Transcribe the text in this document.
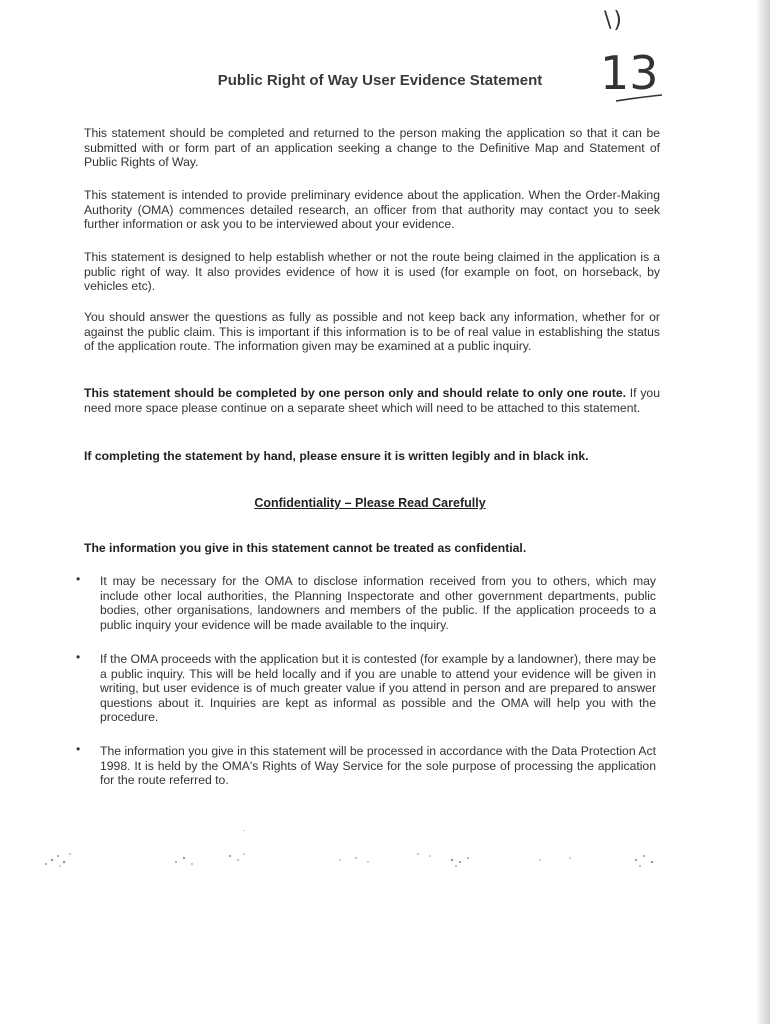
\)
13
Public Right of Way User Evidence Statement
This statement should be completed and returned to the person making the application so that it can be submitted with or form part of an application seeking a change to the Definitive Map and Statement of Public Rights of Way.
This statement is intended to provide preliminary evidence about the application. When the Order-Making Authority (OMA) commences detailed research, an officer from that authority may contact you to seek further information or ask you to be interviewed about your evidence.
This statement is designed to help establish whether or not the route being claimed in the application is a public right of way. It also provides evidence of how it is used (for example on foot, on horseback, by vehicles etc).
You should answer the questions as fully as possible and not keep back any information, whether for or against the public claim. This is important if this information is to be of real value in establishing the status of the application route. The information given may be examined at a public inquiry.
This statement should be completed by one person only and should relate to only one route. If you need more space please continue on a separate sheet which will need to be attached to this statement.
If completing the statement by hand, please ensure it is written legibly and in black ink.
Confidentiality – Please Read Carefully
The information you give in this statement cannot be treated as confidential.
•	It may be necessary for the OMA to disclose information received from you to others, which may include other local authorities, the Planning Inspectorate and other government departments, public bodies, other organisations, landowners and members of the public. If the application proceeds to a public inquiry your evidence will be made available to the inquiry.
•	If the OMA proceeds with the application but it is contested (for example by a landowner), there may be a public inquiry. This will be held locally and if you are unable to attend your evidence will be given in writing, but user evidence is of much greater value if you attend in person and are prepared to answer questions about it. Inquiries are kept as informal as possible and the OMA will help you with the procedure.
•	The information you give in this statement will be processed in accordance with the Data Protection Act 1998. It is held by the OMA's Rights of Way Service for the sole purpose of processing the application for the route referred to.
